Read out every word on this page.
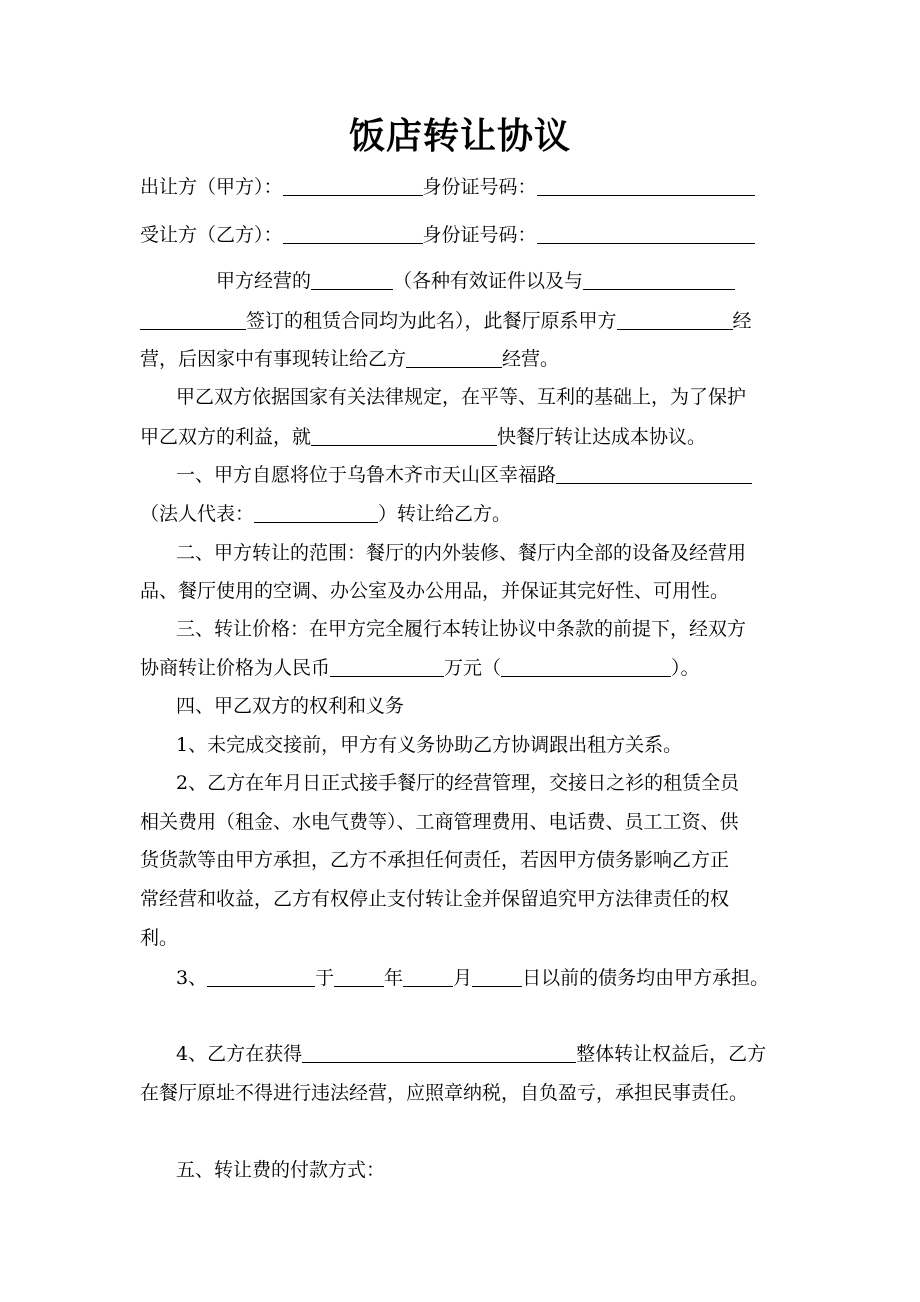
饭店转让协议
出让方（甲方）：	身份证号码：
受让方（乙方）：	身份证号码：
甲方经营的	（各种有效证件以及与
签订的租赁合同均为此名），此餐厅原系甲方	经
营，后因家中有事现转让给乙方	经营。
甲乙双方依据国家有关法律规定，在平等、互利的基础上，为了保护
甲乙双方的利益，就	快餐厅转让达成本协议。
一、甲方自愿将位于乌鲁木齐市天山区幸福路
（法人代表：	）转让给乙方。
二、甲方转让的范围：餐厅的内外装修、餐厅内全部的设备及经营用
品、餐厅使用的空调、办公室及办公用品，并保证其完好性、可用性。
三、转让价格：在甲方完全履行本转让协议中条款的前提下，经双方
协商转让价格为人民币	万元（	）。
四、甲乙双方的权利和义务
1、未完成交接前，甲方有义务协助乙方协调跟出租方关系。
2、乙方在年月日正式接手餐厅的经营管理，交接日之衫的租赁全员
相关费用（租金、水电气费等）、工商管理费用、电话费、员工工资、供
货货款等由甲方承担，乙方不承担任何责任，若因甲方债务影响乙方正
常经营和收益，乙方有权停止支付转让金并保留追究甲方法律责任的权
利。
3、	于	年	月	日以前的债务均由甲方承担。
4、乙方在获得	整体转让权益后，乙方
在餐厅原址不得进行违法经营，应照章纳税，自负盈亏，承担民事责任。
五、转让费的付款方式：
